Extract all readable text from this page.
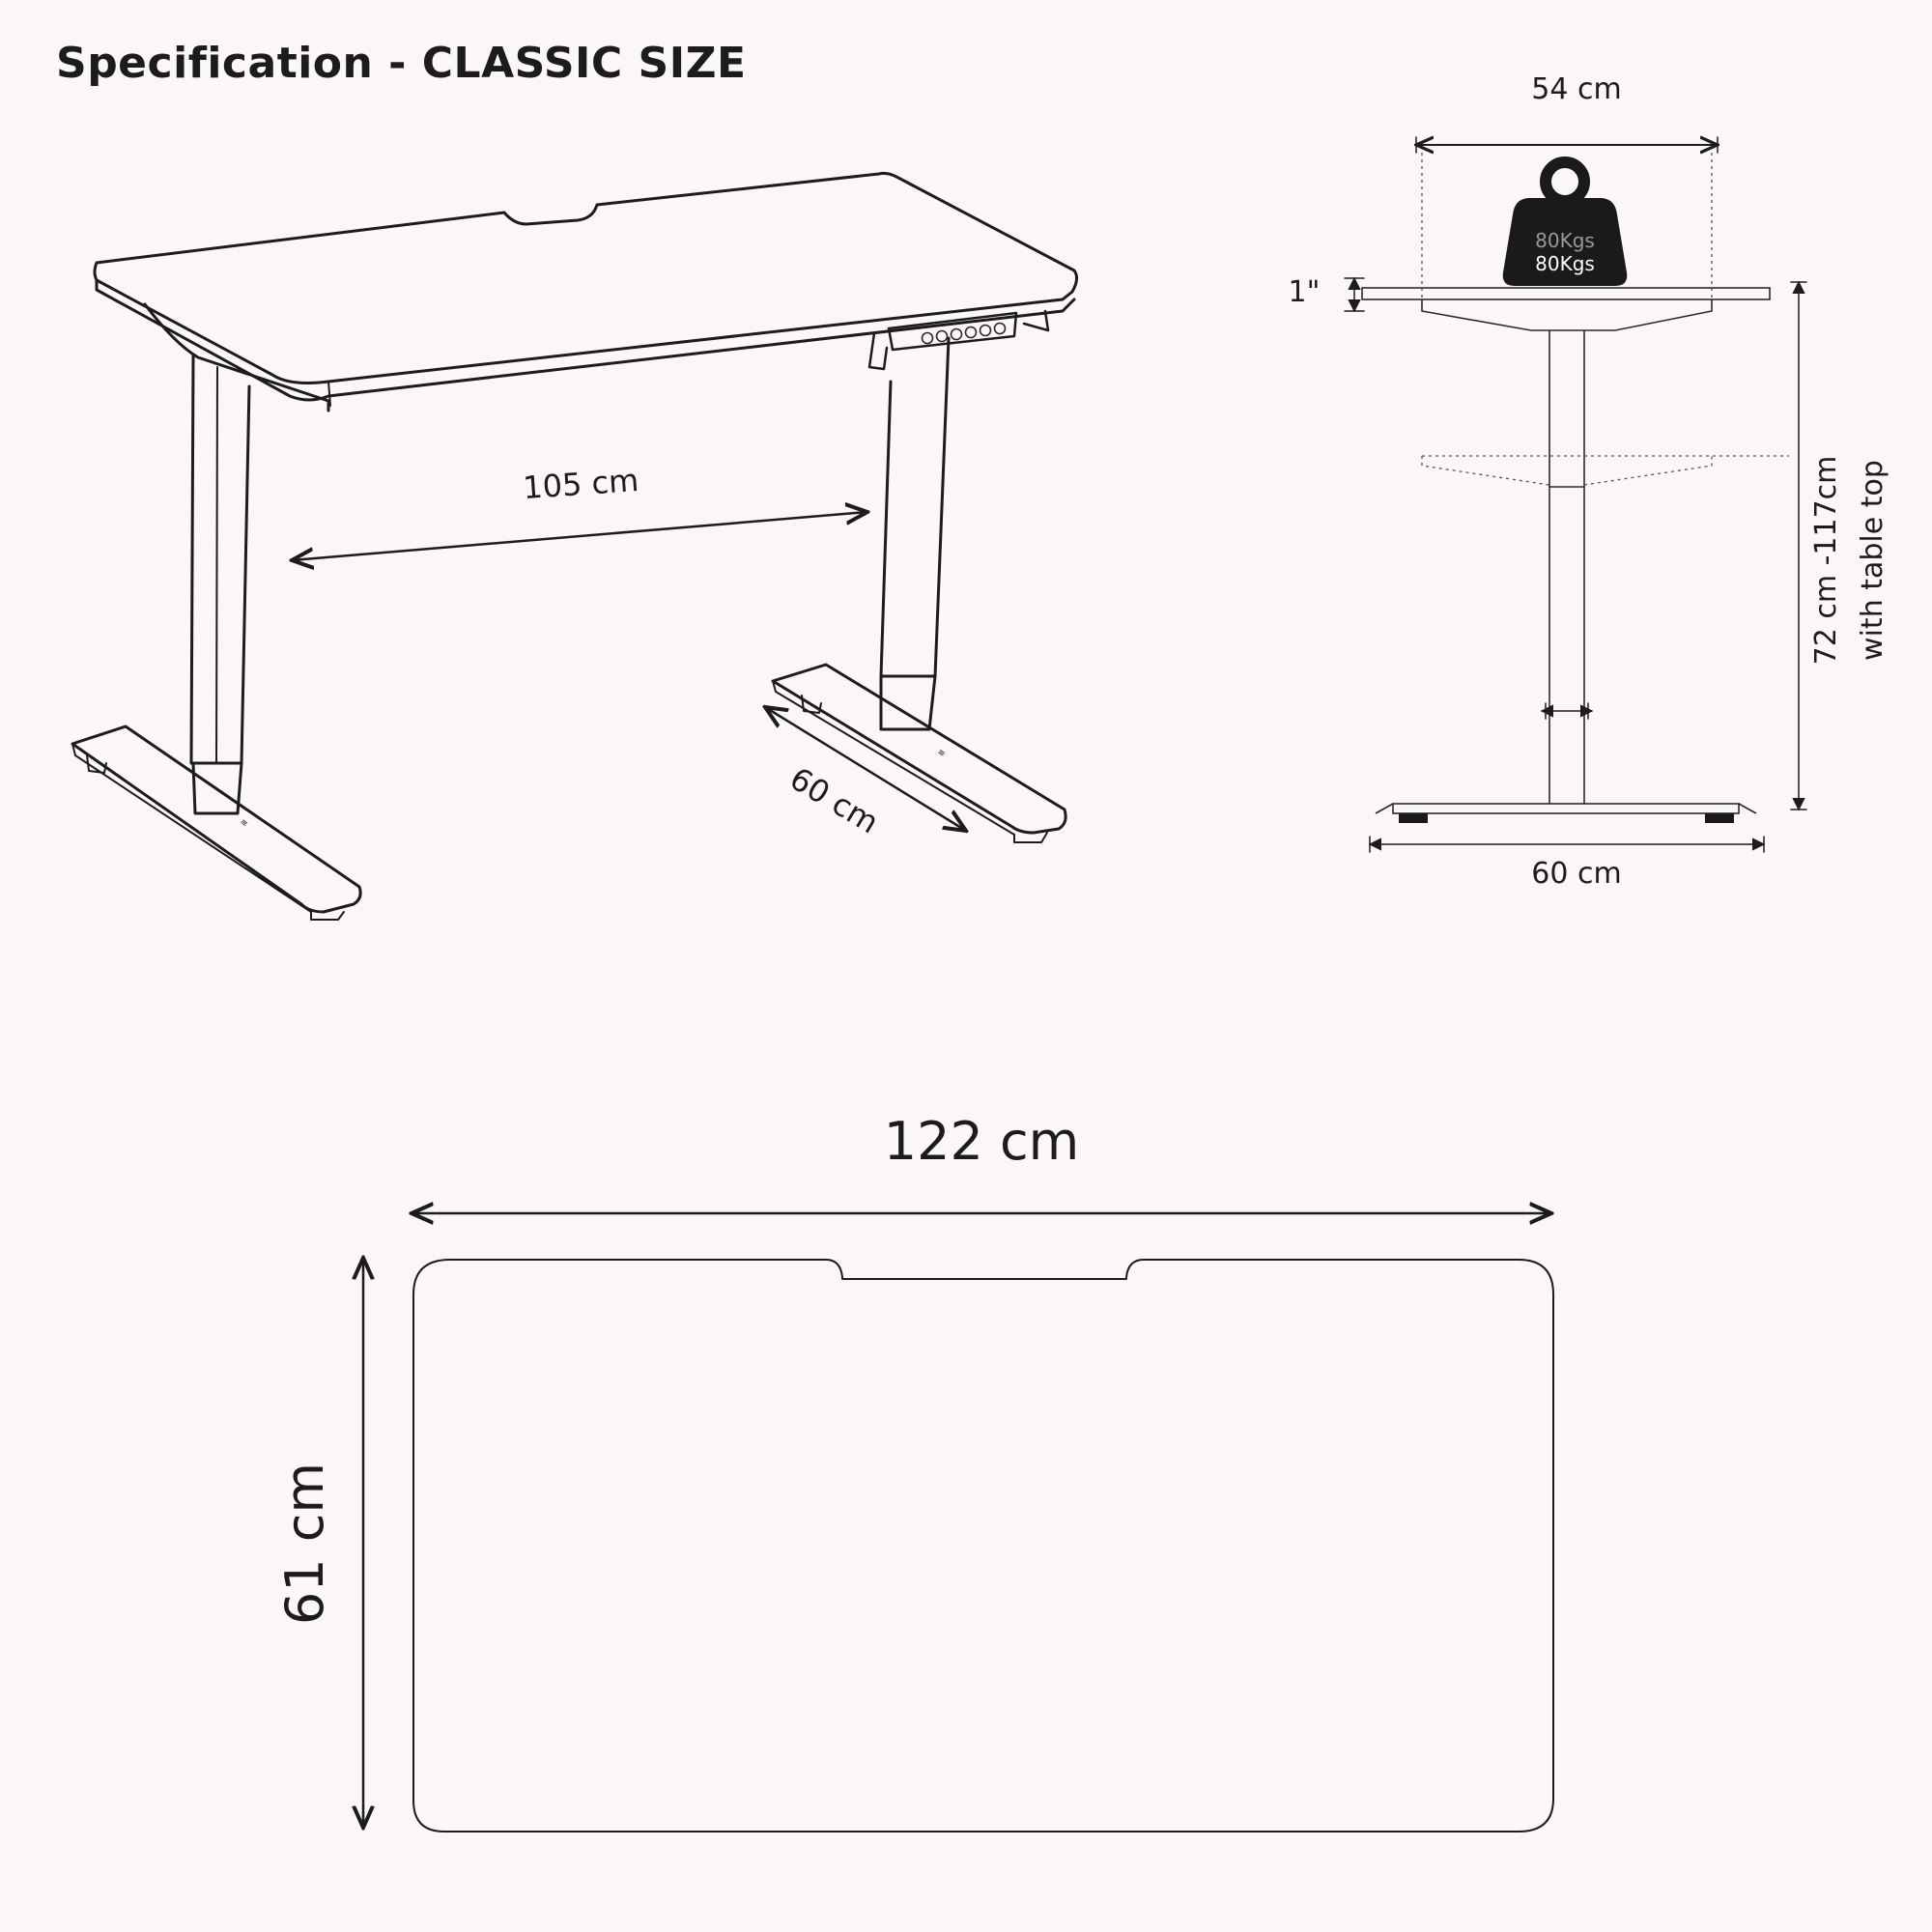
Specification - CLASSIC SIZE
≋
≋
105 cm
60 cm
54 cm
80Kgs
80Kgs
1"
72 cm -117cm with table top
60 cm
122 cm
61 cm
